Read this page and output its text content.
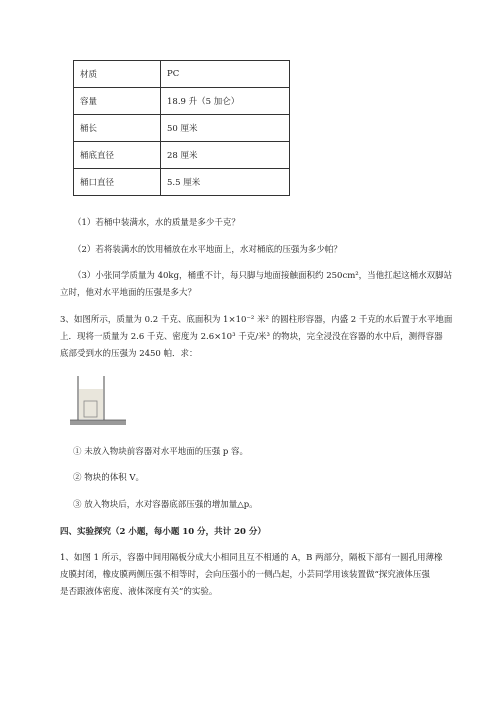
材质	PC
容量	18.9 升（5 加仑）
桶长	50 厘米
桶底直径	28 厘米
桶口直径	5.5 厘米
（1）若桶中装满水，水的质量是多少千克？
（2）若将装满水的饮用桶放在水平地面上，水对桶底的压强为多少帕？
（3）小张同学质量为 40kg，桶重不计，每只脚与地面接触面积约 250cm²，当他扛起这桶水双脚站
立时，他对水平地面的压强是多大？
3、如图所示，质量为 0.2 千克、底面积为 1×10⁻² 米² 的圆柱形容器，内盛 2 千克的水后置于水平地面
上．现将一质量为 2.6 千克、密度为 2.6×10³ 千克/米³ 的物块，完全浸没在容器的水中后，测得容器
底部受到水的压强为 2450 帕．求：
① 未放入物块前容器对水平地面的压强 p 容。
② 物块的体积 V。
③ 放入物块后，水对容器底部压强的增加量△p。
四、实验探究（2 小题，每小题 10 分，共计 20 分）
1、如图 1 所示，容器中间用隔板分成大小相同且互不相通的 A，B 两部分，隔板下部有一圆孔用薄橡
皮膜封闭，橡皮膜两侧压强不相等时，会向压强小的一侧凸起，小芸同学用该装置做“探究液体压强
是否跟液体密度、液体深度有关”的实验。
